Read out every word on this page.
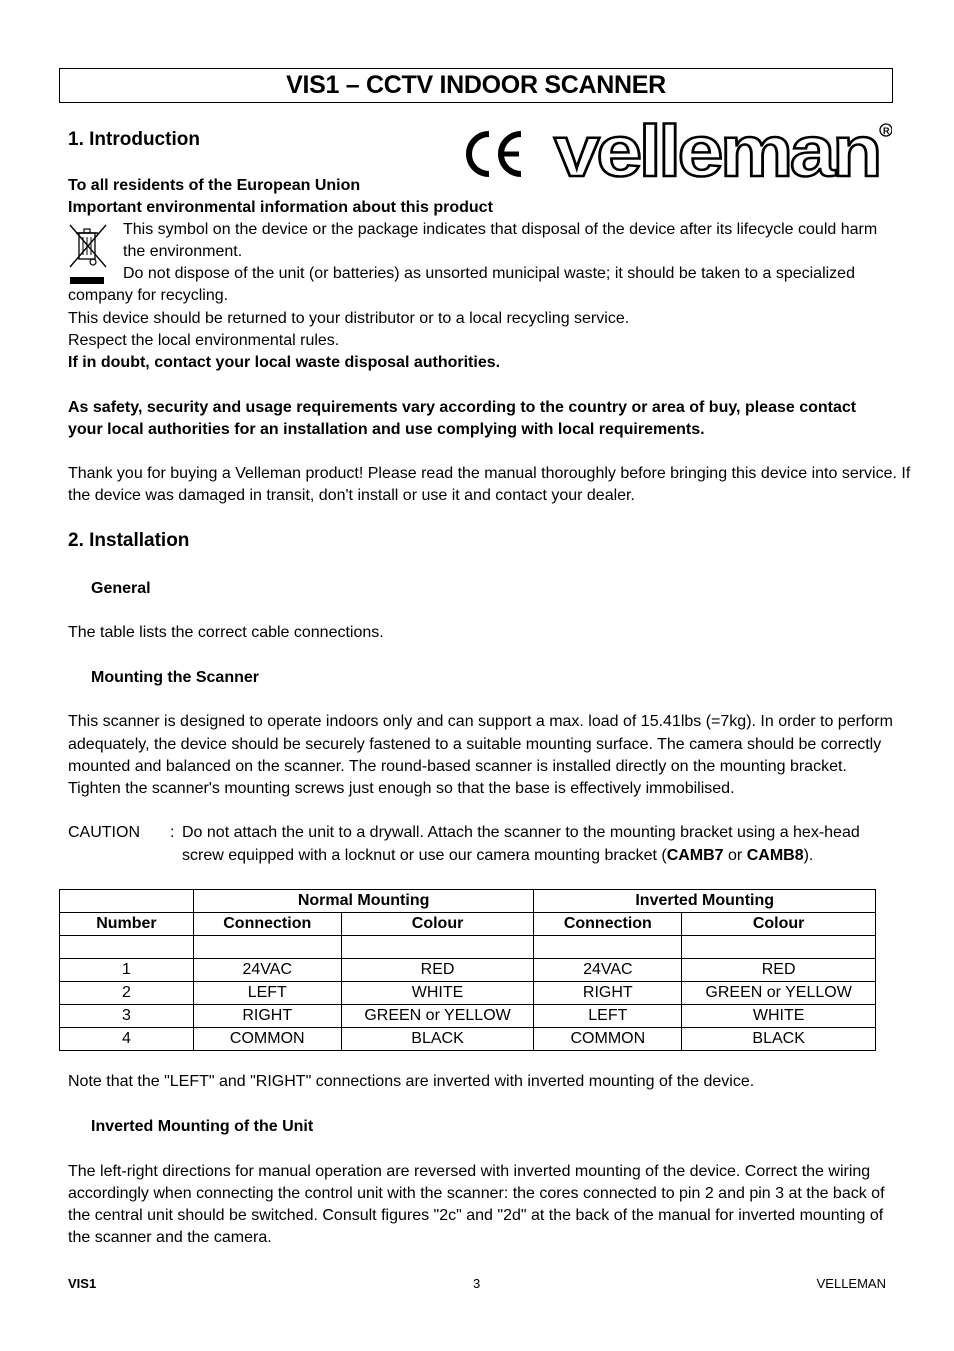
VIS1 – CCTV INDOOR SCANNER
velleman R
1. Introduction
To all residents of the European Union
Important environmental information about this product
This symbol on the device or the package indicates that disposal of the device after its lifecycle could harm
the environment.
Do not dispose of the unit (or batteries) as unsorted municipal waste; it should be taken to a specialized
company for recycling.
This device should be returned to your distributor or to a local recycling service.
Respect the local environmental rules.
If in doubt, contact your local waste disposal authorities.
As safety, security and usage requirements vary according to the country or area of buy, please contact
your local authorities for an installation and use complying with local requirements.
Thank you for buying a Velleman product! Please read the manual thoroughly before bringing this device into service. If
the device was damaged in transit, don't install or use it and contact your dealer.
2. Installation
General
The table lists the correct cable connections.
Mounting the Scanner
This scanner is designed to operate indoors only and can support a max. load of 15.41lbs (=7kg). In order to perform
adequately, the device should be securely fastened to a suitable mounting surface. The camera should be correctly
mounted and balanced on the scanner. The round-based scanner is installed directly on the mounting bracket.
Tighten the scanner's mounting screws just enough so that the base is effectively immobilised.
CAUTION : Do not attach the unit to a drywall. Attach the scanner to the mounting bracket using a hex-head
screw equipped with a locknut or use our camera mounting bracket (CAMB7 or CAMB8).
	Normal Mounting		Inverted Mounting	
Number	Connection	Colour	Connection	Colour

1	24VAC	RED	24VAC	RED
2	LEFT	WHITE	RIGHT	GREEN or YELLOW
3	RIGHT	GREEN or YELLOW	LEFT	WHITE
4	COMMON	BLACK	COMMON	BLACK
Note that the "LEFT" and "RIGHT" connections are inverted with inverted mounting of the device.
Inverted Mounting of the Unit
The left-right directions for manual operation are reversed with inverted mounting of the device. Correct the wiring
accordingly when connecting the control unit with the scanner: the cores connected to pin 2 and pin 3 at the back of
the central unit should be switched. Consult figures "2c" and "2d" at the back of the manual for inverted mounting of
the scanner and the camera.
VIS1	3	VELLEMAN
